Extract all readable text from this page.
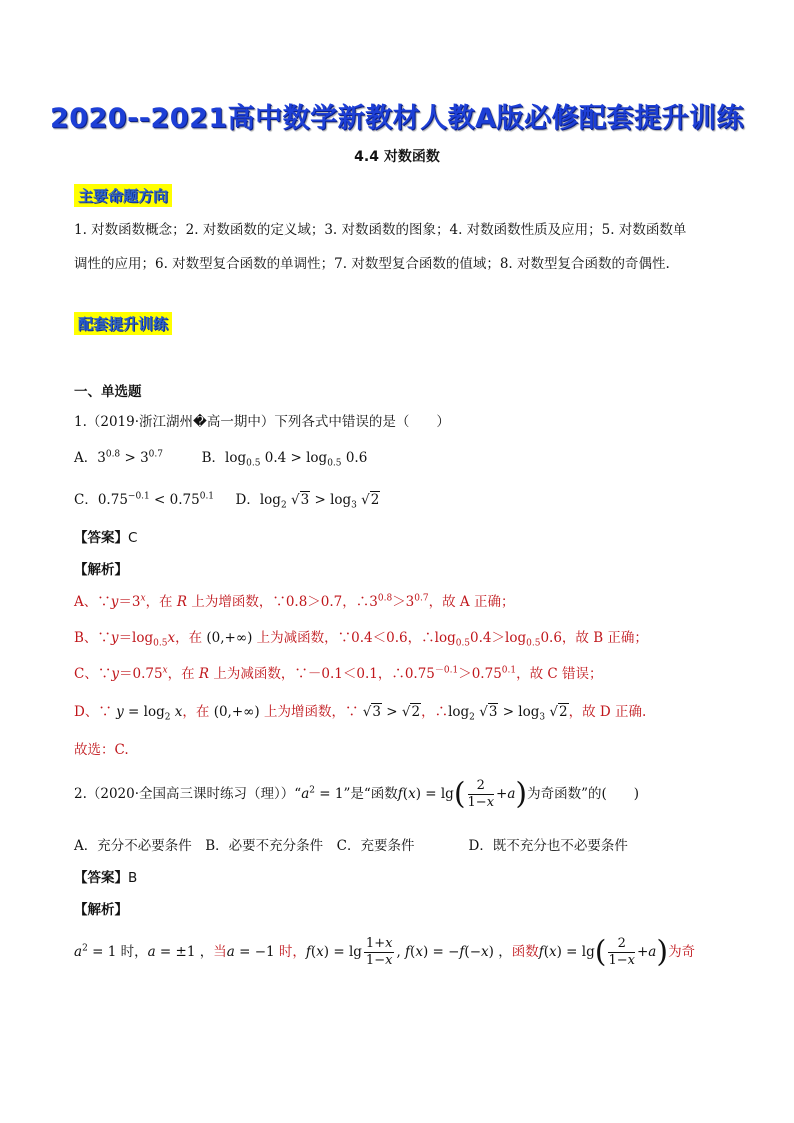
2020--2021高中数学新教材人教A版必修配套提升训练
4.4 对数函数
主要命题方向
1. 对数函数概念；2. 对数函数的定义域；3. 对数函数的图象；4. 对数函数性质及应用；5. 对数函数单
调性的应用；6. 对数型复合函数的单调性；7. 对数型复合函数的值域；8. 对数型复合函数的奇偶性.
配套提升训练
一、单选题
1.（2019·浙江湖州�高一期中）下列各式中错误的是（　　）
A．$3^{0.8} > 3^{0.7}$	B．$\log_{0.5} 0.4 > \log_{0.5} 0.6$
C．$0.75^{-0.1} < 0.75^{0.1}$ D．$\log_2 √3 > \log_3 √2$
【答案】C
【解析】
A、$\because y=3^x$，在 R 上为增函数，∵0.8＞0.7，$\therefore 3^{0.8}>3^{0.7}$，故 A 正确；
B、$\because y=\log_{0.5}x$，在 (0,+∞) 上为减函数，∵0.4＜0.6，$\therefore\log_{0.5}0.4>\log_{0.5}0.6$，故 B 正确；
C、$\because y=0.75^x$，在 R 上为减函数，∵－0.1＜0.1，$\therefore 0.75^{-0.1}>0.75^{0.1}$，故 C 错误；
D、∵ $y = \log_2 x$，在 (0,+∞) 上为增函数，∵ √3 > √2，$\therefore\log_2$ $√3 > \log_3 √2$，故 D 正确.
故选：C.
2.（2020·全国高三课时练习（理））“$a^2 = 1$”是“函数$f(x) = \lg( \frac{2}{1-x} +a)$为奇函数”的(　　)
A．充分不必要条件　B．必要不充分条件　C．充要条件　　　　D．既不充分也不必要条件
【答案】B
【解析】
$a^2 = 1$ 时，a = ±1 ，当a = −1 时，$f(x) = \lg \frac{1+x}{1-x}$ , f(x) = −f(−x) ，函数$f(x) = \lg( \frac{2}{1-x} +a)$为奇
